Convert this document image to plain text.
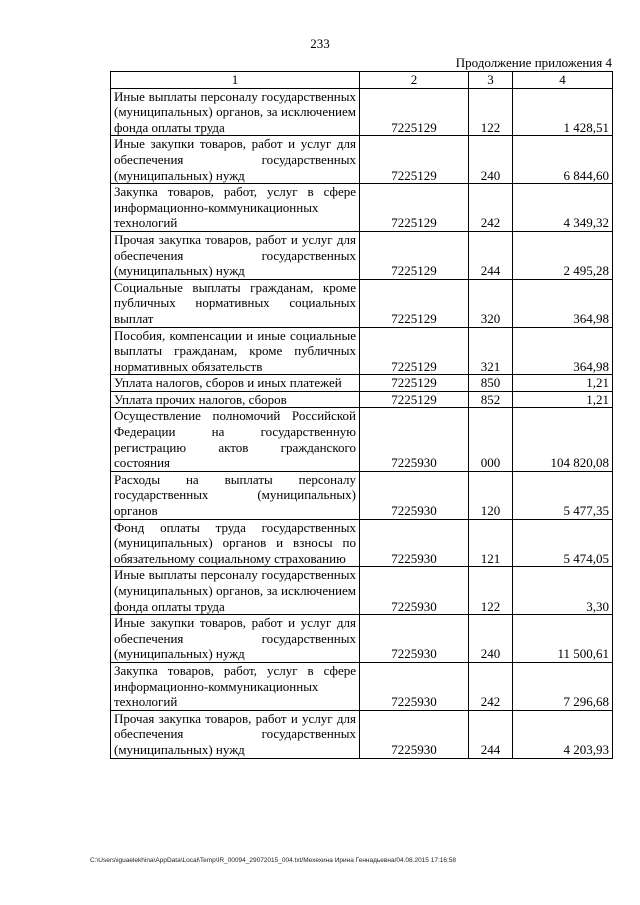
233
Продолжение приложения 4
1	2	3	4
Иные выплаты персоналу государственных (муниципальных) органов, за исключением фонда оплаты труда	7225129	122	1 428,51
Иные закупки товаров, работ и услуг для обеспечения государственных (муниципальных) нужд	7225129	240	6 844,60
Закупка товаров, работ, услуг в сфере информационно-коммуникационных технологий	7225129	242	4 349,32
Прочая закупка товаров, работ и услуг для обеспечения государственных (муниципальных) нужд	7225129	244	2 495,28
Социальные выплаты гражданам, кроме публичных нормативных социальных выплат	7225129	320	364,98
Пособия, компенсации и иные социальные выплаты гражданам, кроме публичных нормативных обязательств	7225129	321	364,98
Уплата налогов, сборов и иных платежей	7225129	850	1,21
Уплата прочих налогов, сборов	7225129	852	1,21
Осуществление полномочий Российской Федерации на государственную регистрацию актов гражданского состояния	7225930	000	104 820,08
Расходы на выплаты персоналу государственных (муниципальных) органов	7225930	120	5 477,35
Фонд оплаты труда государственных (муниципальных) органов и взносы по обязательному социальному страхованию	7225930	121	5 474,05
Иные выплаты персоналу государственных (муниципальных) органов, за исключением фонда оплаты труда	7225930	122	3,30
Иные закупки товаров, работ и услуг для обеспечения государственных (муниципальных) нужд	7225930	240	11 500,61
Закупка товаров, работ, услуг в сфере информационно-коммуникационных технологий	7225930	242	7 296,68
Прочая закупка товаров, работ и услуг для обеспечения государственных (муниципальных) нужд	7225930	244	4 203,93
C:\Users\iguaelekhina\AppData\Local\Temp\IR_00094_29072015_004.txt/Мехехина Ирина Геннадьевна/04.08.2015 17:16:58
